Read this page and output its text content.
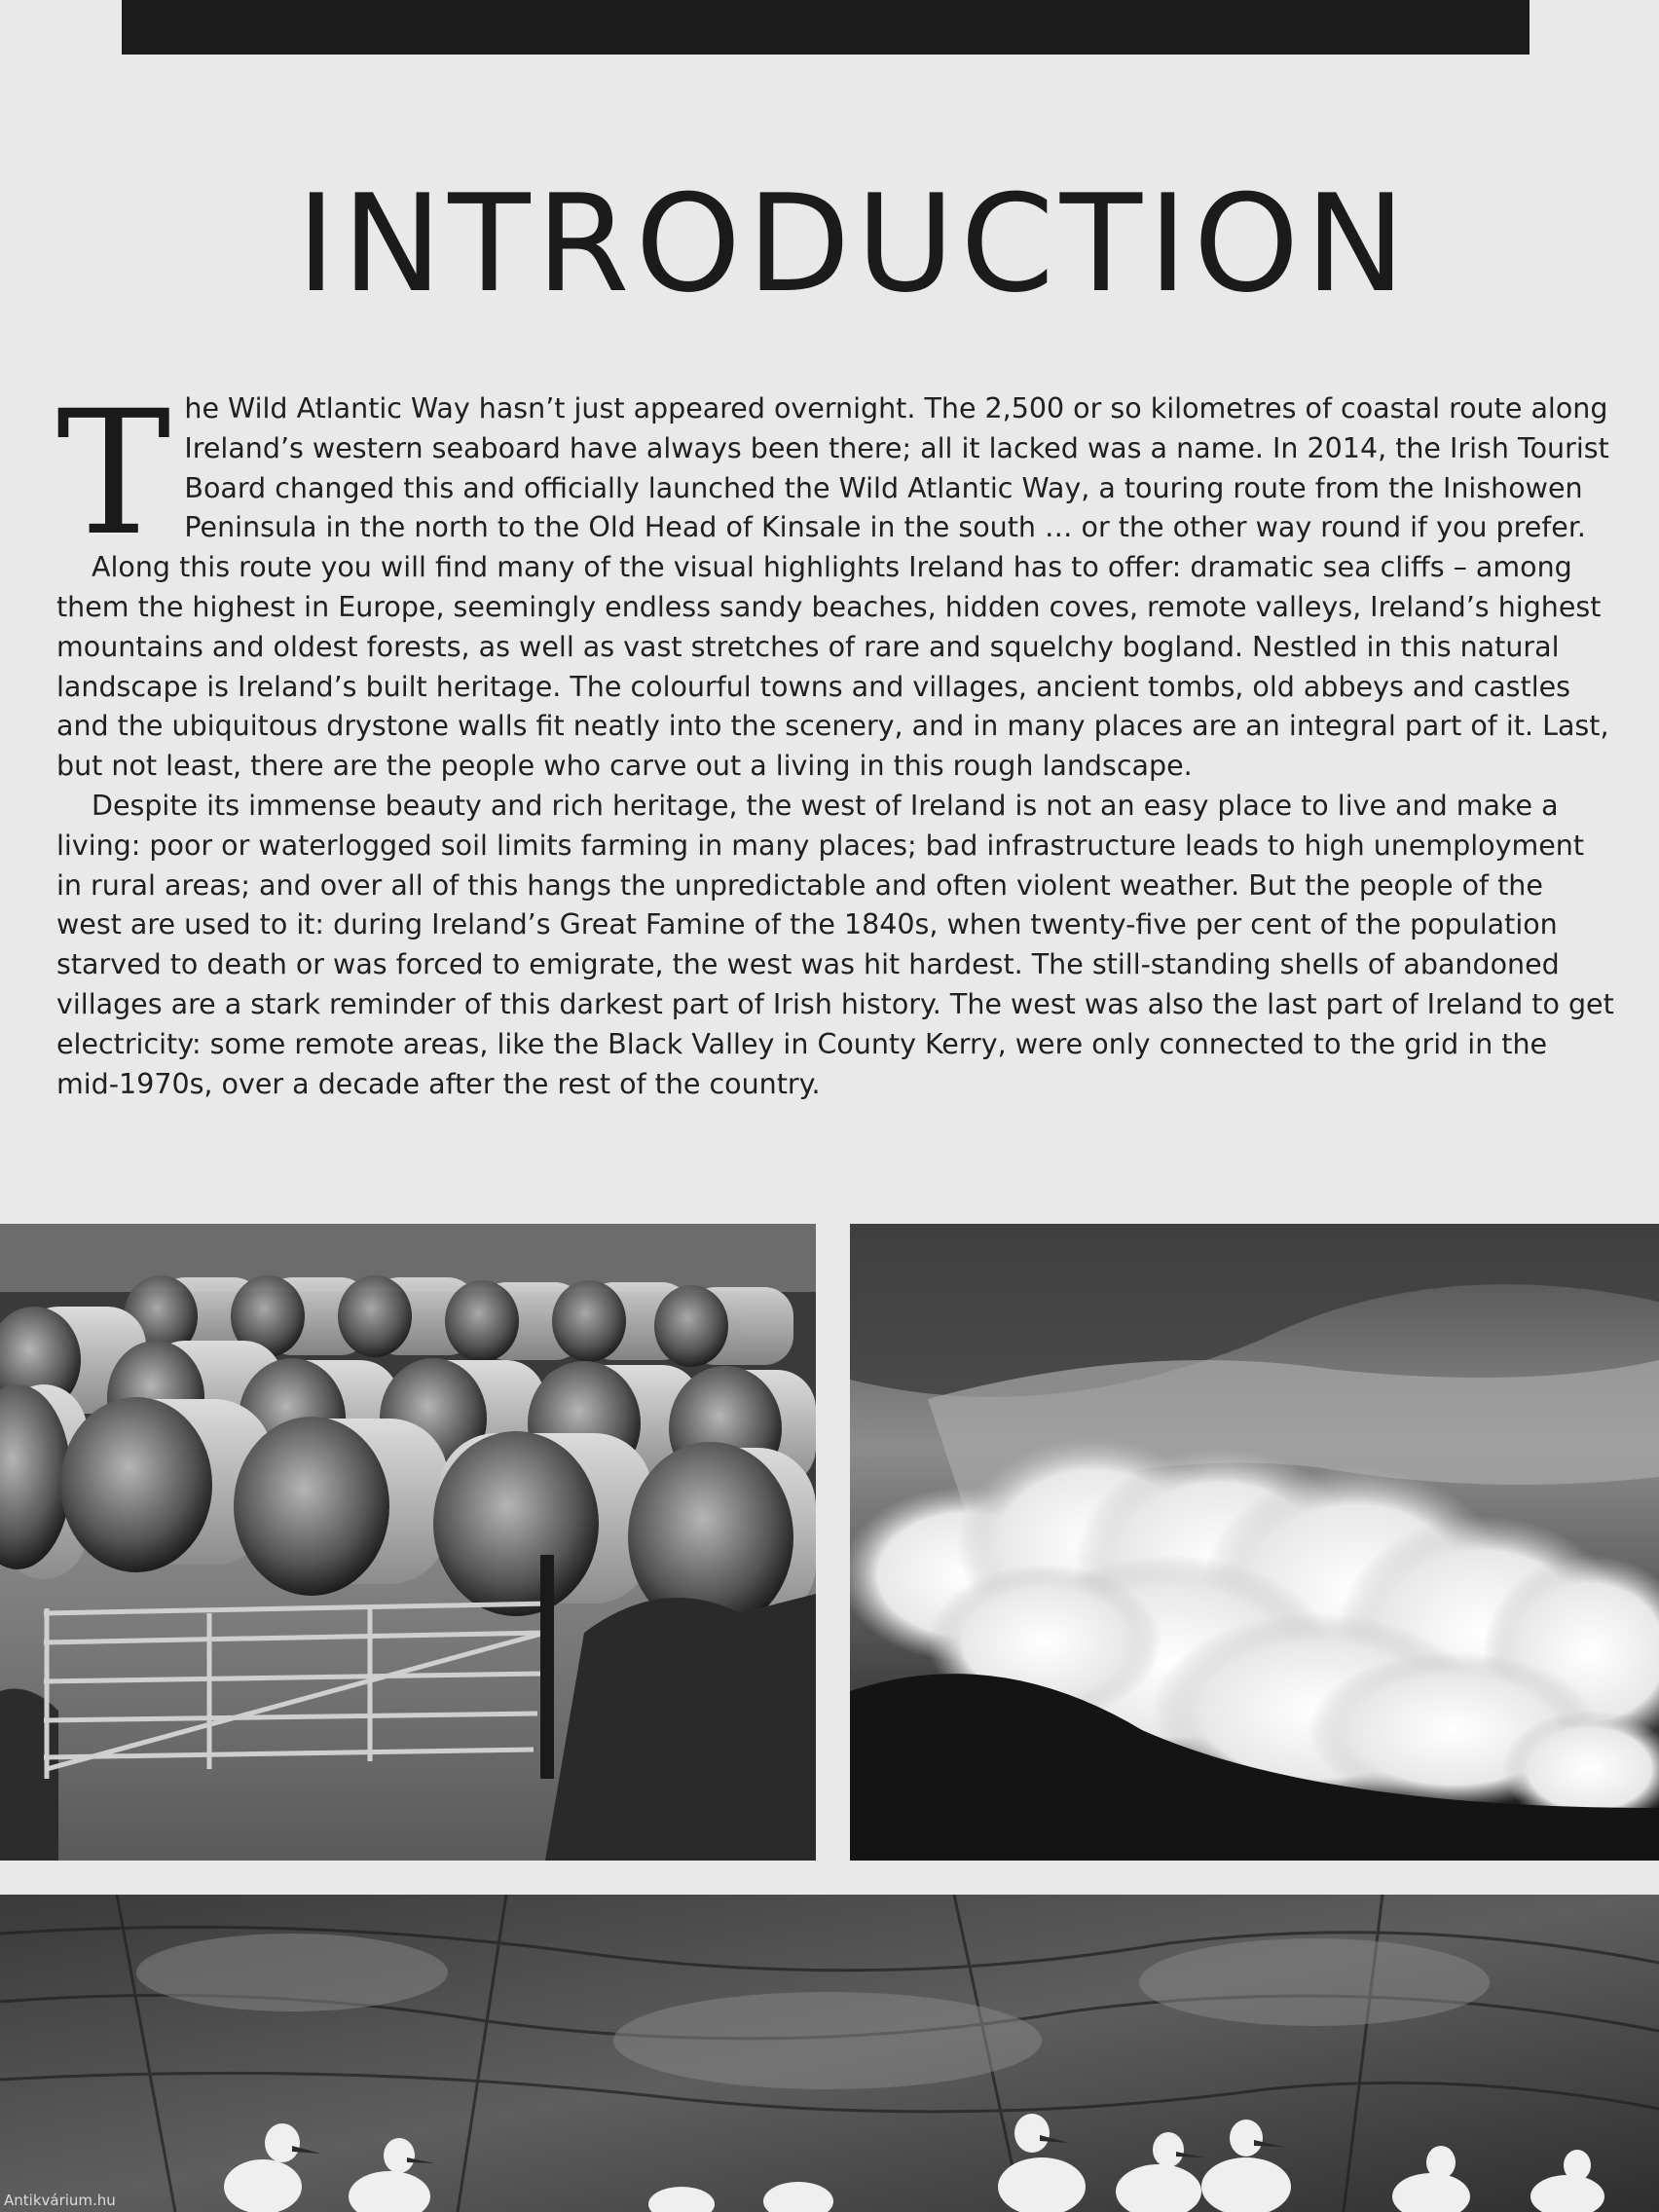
INTRODUCTION

The Wild Atlantic Way hasn’t just appeared overnight. The 2,500 or so kilometres of coastal route along Ireland’s western seaboard have always been there; all it lacked was a name. In 2014, the Irish Tourist Board changed this and officially launched the Wild Atlantic Way, a touring route from the Inishowen Peninsula in the north to the Old Head of Kinsale in the south … or the other way round if you prefer.

Along this route you will find many of the visual highlights Ireland has to offer: dramatic sea cliffs – among them the highest in Europe, seemingly endless sandy beaches, hidden coves, remote valleys, Ireland’s highest mountains and oldest forests, as well as vast stretches of rare and squelchy bogland. Nestled in this natural landscape is Ireland’s built heritage. The colourful towns and villages, ancient tombs, old abbeys and castles and the ubiquitous drystone walls fit neatly into the scenery, and in many places are an integral part of it. Last, but not least, there are the people who carve out a living in this rough landscape.

Despite its immense beauty and rich heritage, the west of Ireland is not an easy place to live and make a living: poor or waterlogged soil limits farming in many places; bad infrastructure leads to high unemployment in rural areas; and over all of this hangs the unpredictable and often violent weather. But the people of the west are used to it: during Ireland’s Great Famine of the 1840s, when twenty-five per cent of the population starved to death or was forced to emigrate, the west was hit hardest. The still-standing shells of abandoned villages are a stark reminder of this darkest part of Irish history. The west was also the last part of Ireland to get electricity: some remote areas, like the Black Valley in County Kerry, were only connected to the grid in the mid-1970s, over a decade after the rest of the country.

Antikvárium.hu
